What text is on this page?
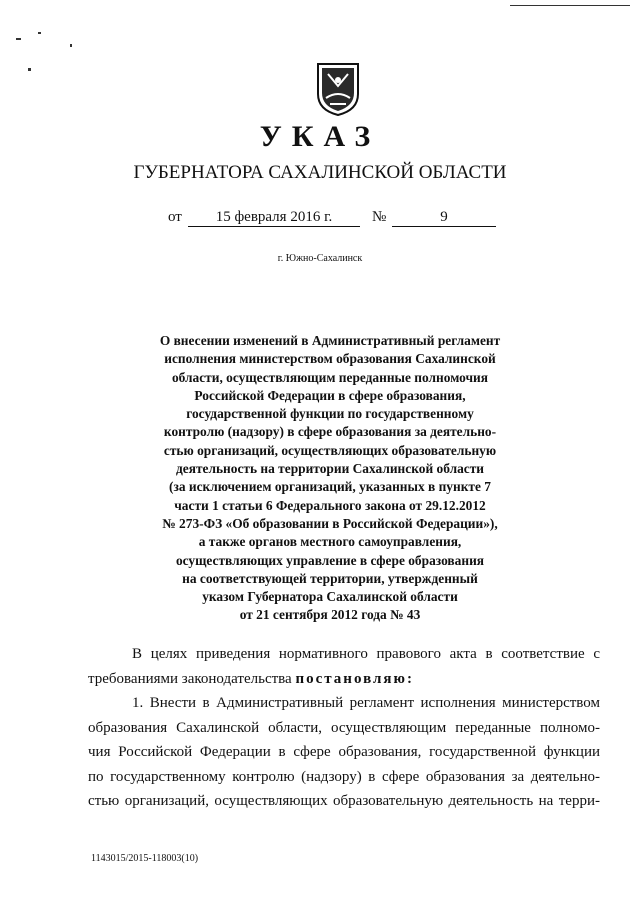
УКАЗ
ГУБЕРНАТОРА САХАЛИНСКОЙ ОБЛАСТИ
от	15 февраля 2016 г.	№	9
г. Южно-Сахалинск
О внесении изменений в Административный регламент
исполнения министерством образования Сахалинской
области, осуществляющим переданные полномочия
Российской Федерации в сфере образования,
государственной функции по государственному
контролю (надзору) в сфере образования за деятельно-
стью организаций, осуществляющих образовательную
деятельность на территории Сахалинской области
(за исключением организаций, указанных в пункте 7
части 1 статьи 6 Федерального закона от 29.12.2012
№ 273-ФЗ «Об образовании в Российской Федерации»),
а также органов местного самоуправления,
осуществляющих управление в сфере образования
на соответствующей территории, утвержденный
указом Губернатора Сахалинской области
от 21 сентября 2012 года № 43
В целях приведения нормативного правового акта в соответствие с
требованиями законодательства постановляю:
1. Внести в Административный регламент исполнения министерством
образования Сахалинской области, осуществляющим переданные полномо-
чия Российской Федерации в сфере образования, государственной функции
по государственному контролю (надзору) в сфере образования за деятельно-
стью организаций, осуществляющих образовательную деятельность на терри-
1143015/2015-118003(10)
